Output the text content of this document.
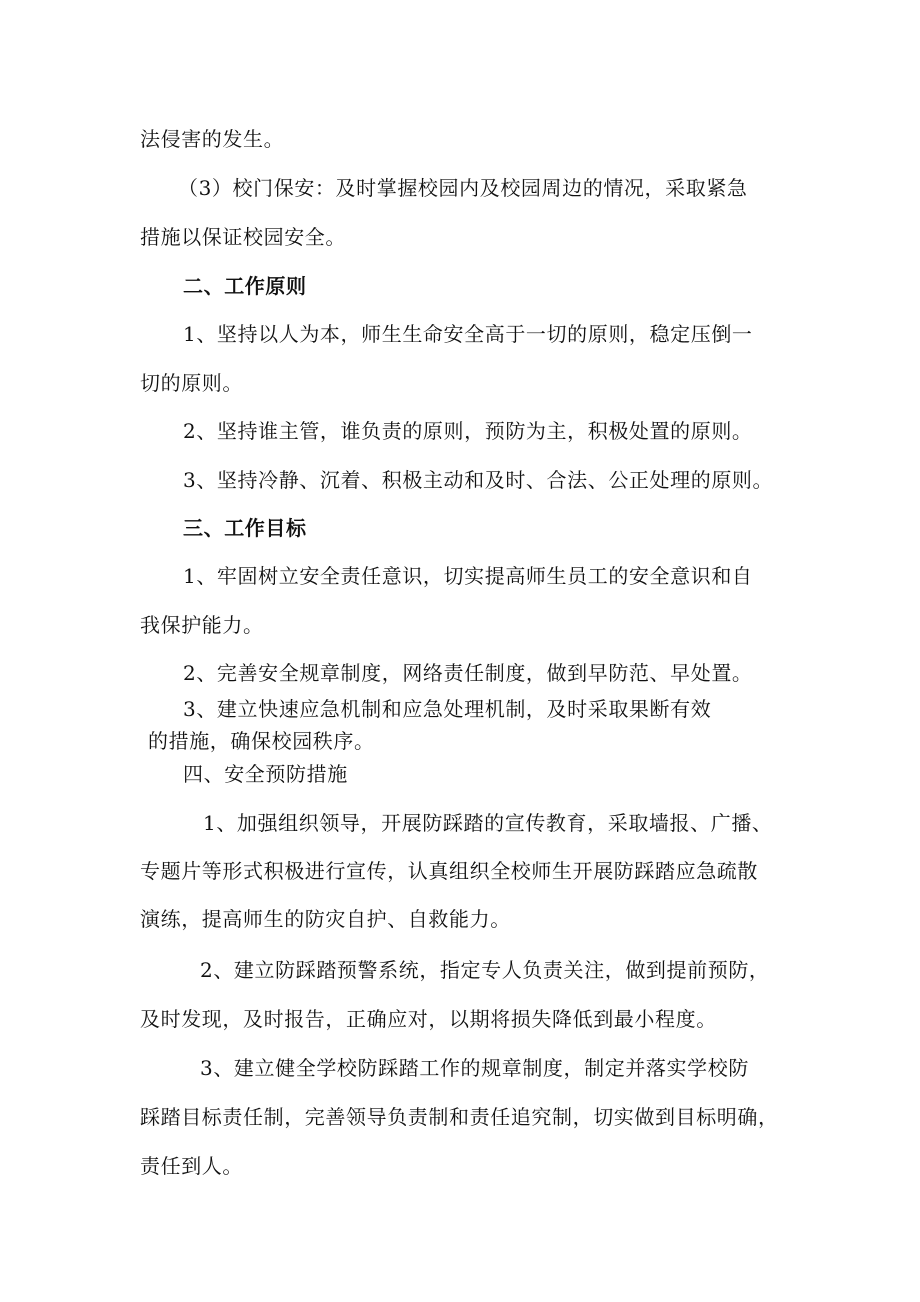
法侵害的发生。
（3）校门保安：及时掌握校园内及校园周边的情况，采取紧急
措施以保证校园安全。
二、工作原则
1、坚持以人为本，师生生命安全高于一切的原则，稳定压倒一
切的原则。
2、坚持谁主管，谁负责的原则，预防为主，积极处置的原则。
3、坚持冷静、沉着、积极主动和及时、合法、公正处理的原则。
三、工作目标
1、牢固树立安全责任意识，切实提高师生员工的安全意识和自
我保护能力。
2、完善安全规章制度，网络责任制度，做到早防范、早处置。
3、建立快速应急机制和应急处理机制，及时采取果断有效
的措施，确保校园秩序。
四、安全预防措施
1、加强组织领导，开展防踩踏的宣传教育，采取墙报、广播、
专题片等形式积极进行宣传，认真组织全校师生开展防踩踏应急疏散
演练，提高师生的防灾自护、自救能力。
2、建立防踩踏预警系统，指定专人负责关注，做到提前预防，
及时发现，及时报告，正确应对，以期将损失降低到最小程度。
3、建立健全学校防踩踏工作的规章制度，制定并落实学校防
踩踏目标责任制，完善领导负责制和责任追究制，切实做到目标明确，
责任到人。
